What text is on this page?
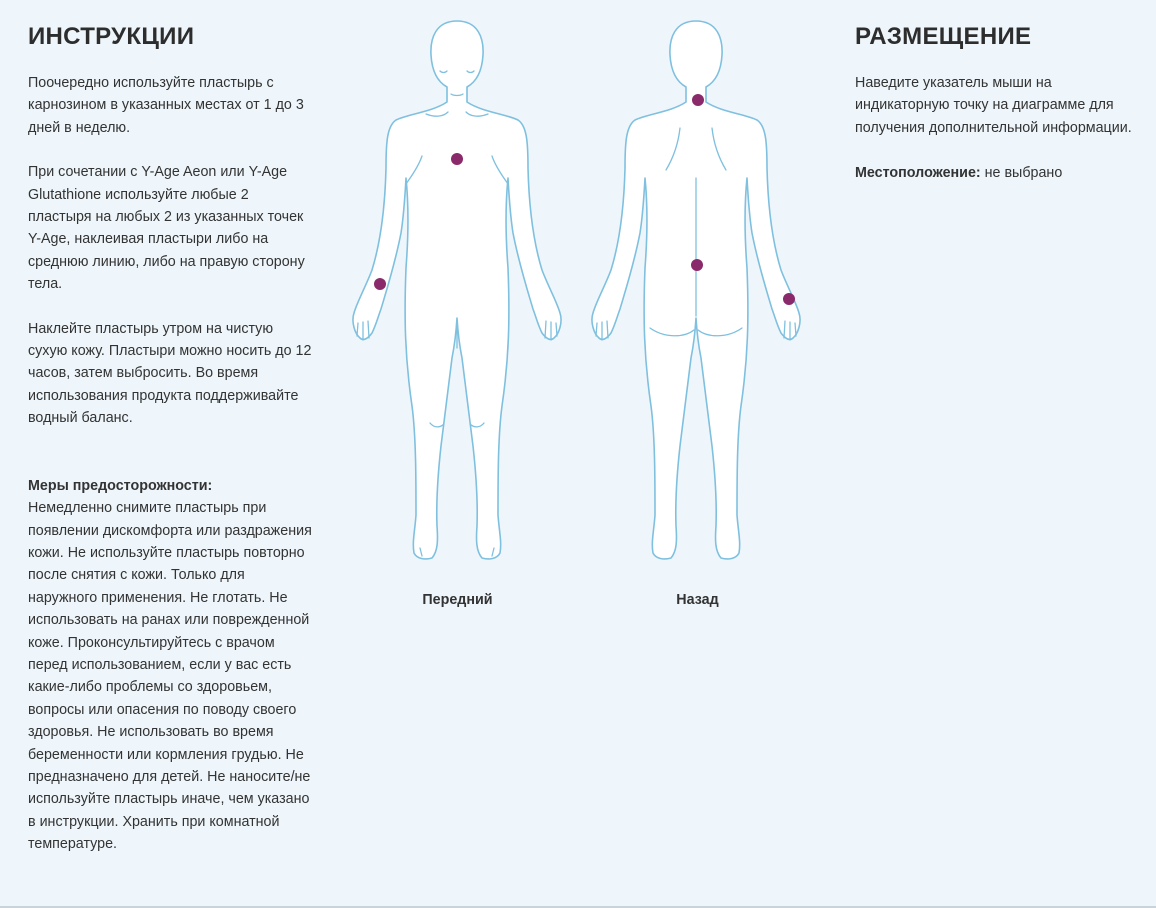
ИНСТРУКЦИИ

Поочередно используйте пластырь с карнозином в указанных местах от 1 до 3 дней в неделю.

При сочетании с Y-Age Aeon или Y-Age Glutathione используйте любые 2 пластыря на любых 2 из указанных точек Y-Age, наклеивая пластыри либо на среднюю линию, либо на правую сторону тела.

Наклейте пластырь утром на чистую сухую кожу. Пластыри можно носить до 12 часов, затем выбросить. Во время использования продукта поддерживайте водный баланс.

Меры предосторожности:

Немедленно снимите пластырь при появлении дискомфорта или раздражения кожи. Не используйте пластырь повторно после снятия с кожи. Только для наружного применения. Не глотать. Не использовать на ранах или поврежденной коже. Проконсультируйтесь с врачом перед использованием, если у вас есть какие-либо проблемы со здоровьем, вопросы или опасения по поводу своего здоровья. Не использовать во время беременности или кормления грудью. Не предназначено для детей. Не наносите/не используйте пластырь иначе, чем указано в инструкции. Хранить при комнатной температуре.

Передний	Назад
РАЗМЕЩЕНИЕ

Наведите указатель мыши на индикаторную точку на диаграмме для получения дополнительной информации.

Местоположение: не выбрано
